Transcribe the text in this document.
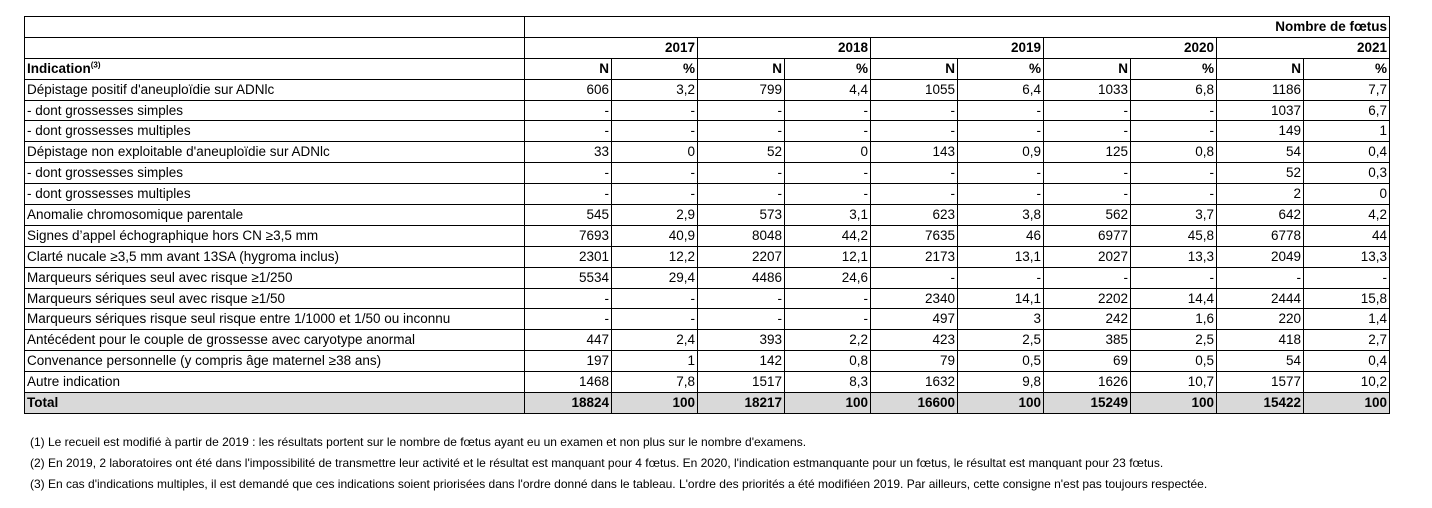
	Nombre de fœtus									
	2017		2018		2019		2020		2021	
Indication$^{(3)}$	N	%	N	%	N	%	N	%	N	%
Dépistage positif d'aneuploïdie sur ADNlc	606	3,2	799	4,4	1055	6,4	1033	6,8	1186	7,7
- dont grossesses simples	-	-	-	-	-	-	-	-	1037	6,7
- dont grossesses multiples	-	-	-	-	-	-	-	-	149	1
Dépistage non exploitable d'aneuploïdie sur ADNlc	33	0	52	0	143	0,9	125	0,8	54	0,4
- dont grossesses simples	-	-	-	-	-	-	-	-	52	0,3
- dont grossesses multiples	-	-	-	-	-	-	-	-	2	0
Anomalie chromosomique parentale	545	2,9	573	3,1	623	3,8	562	3,7	642	4,2
Signes d’appel échographique hors CN ≥3,5 mm	7693	40,9	8048	44,2	7635	46	6977	45,8	6778	44
Clarté nucale ≥3,5 mm avant 13SA (hygroma inclus)	2301	12,2	2207	12,1	2173	13,1	2027	13,3	2049	13,3
Marqueurs sériques seul avec risque ≥1/250	5534	29,4	4486	24,6	-	-	-	-	-	-
Marqueurs sériques seul avec risque ≥1/50	-	-	-	-	2340	14,1	2202	14,4	2444	15,8
Marqueurs sériques risque seul risque entre 1/1000 et 1/50 ou inconnu	-	-	-	-	497	3	242	1,6	220	1,4
Antécédent pour le couple de grossesse avec caryotype anormal	447	2,4	393	2,2	423	2,5	385	2,5	418	2,7
Convenance personnelle (y compris âge maternel ≥38 ans)	197	1	142	0,8	79	0,5	69	0,5	54	0,4
Autre indication	1468	7,8	1517	8,3	1632	9,8	1626	10,7	1577	10,2
Total	18824	100	18217	100	16600	100	15249	100	15422	100
(1) Le recueil est modifié à partir de 2019 : les résultats portent sur le nombre de fœtus ayant eu un examen et non plus sur le nombre d'examens.
(2) En 2019, 2 laboratoires ont été dans l'impossibilité de transmettre leur activité et le résultat est manquant pour 4 fœtus. En 2020, l'indication estmanquante pour un fœtus, le résultat est manquant pour 23 fœtus.
(3) En cas d'indications multiples, il est demandé que ces indications soient priorisées dans l'ordre donné dans le tableau. L'ordre des priorités a été modifiéen 2019. Par ailleurs, cette consigne n'est pas toujours respectée.
